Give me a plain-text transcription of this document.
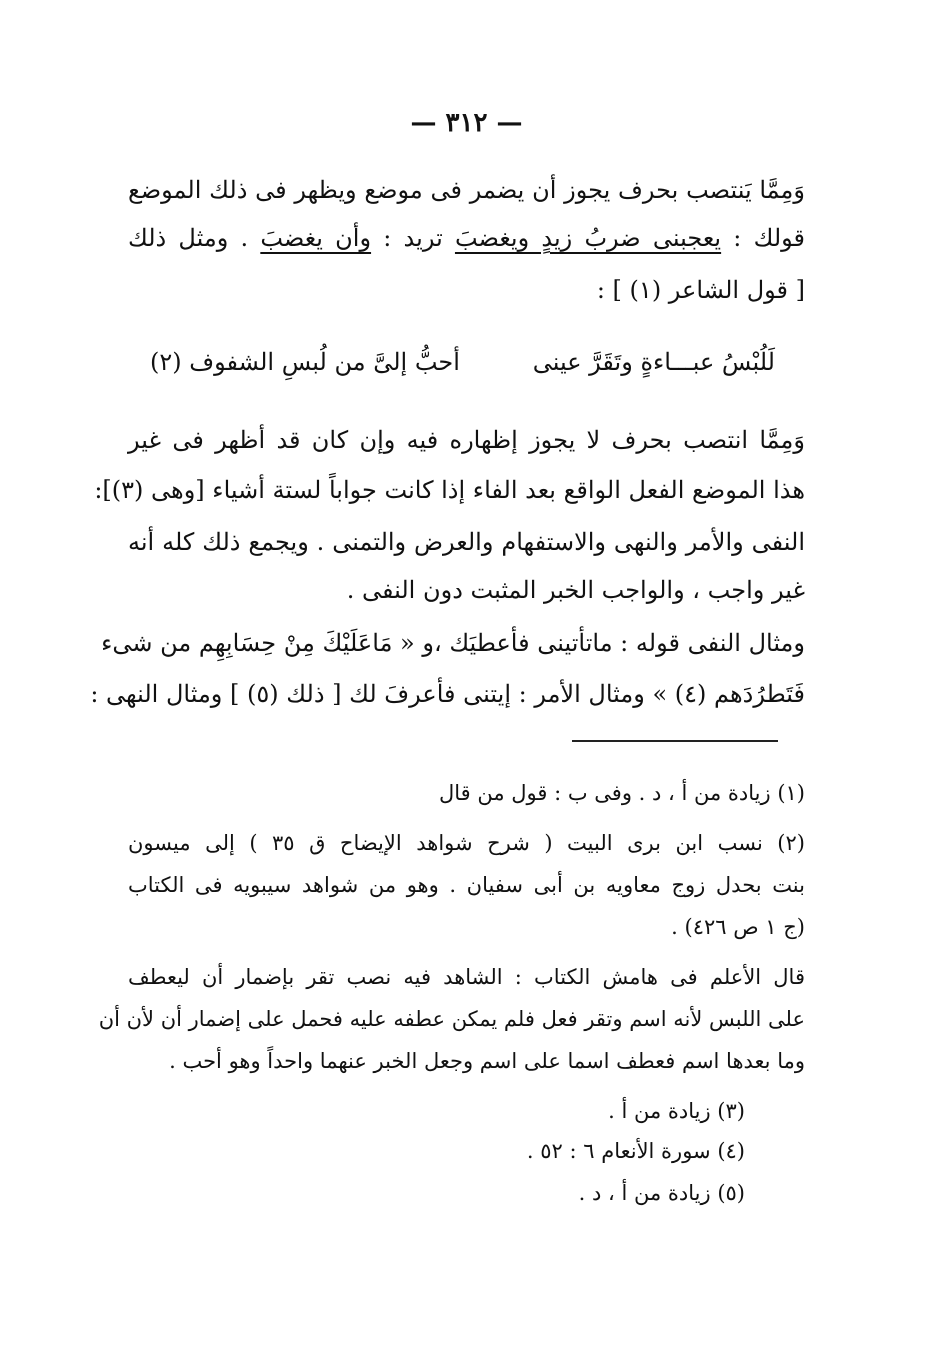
— ٣١٢ —
وَمِمَّا يَنتصب بحرف يجوز أن يضمر فى موضع ويظهر فى ذلك الموضع
قولك : يعجبنى ضربُ زيدٍ ويغضبَ تريد : وأن يغضبَ . ومثل ذلك
[ قول الشاعر (١) ] :
لَلُبْسُ عبـــاءةٍ وتَقَرَّ عينى
أحبُّ إلىَّ من لُبسِ الشفوف (٢)
وَمِمَّا انتصب بحرف لا يجوز إظهاره فيه وإن كان قد أظهر فى غير
هذا الموضع الفعل الواقع بعد الفاء إذا كانت جواباً لستة أشياء [وهى (٣)]:
النفى والأمر والنهى والاستفهام والعرض والتمنى . ويجمع ذلك كله أنه
غير واجب ، والواجب الخبر المثبت دون النفى .
ومثال النفى قوله : ماتأتينى فأعطيَك ،و « مَاعَلَيْكَ مِنْ حِسَابِهِم من شىء
فَتَطرُدَهم (٤) » ومثال الأمر : إيتنى فأعرفَ لك [ ذلك (٥) ] ومثال النهى :
(١) زيادة من أ ، د . وفى ب : قول من قال
(٢) نسب ابن برى البيت ( شرح شواهد الإيضاح ق ٣٥ ) إلى ميسون
بنت بحدل زوج معاويه بن أبى سفيان . وهو من شواهد سيبويه فى الكتاب
(ج ١ ص ٤٢٦) .
قال الأعلم فى هامش الكتاب : الشاهد فيه نصب تقر بإضمار أن ليعطف
على اللبس لأنه اسم وتقر فعل فلم يمكن عطفه عليه فحمل على إضمار أن لأن أن
وما بعدها اسم فعطف اسما على اسم وجعل الخبر عنهما واحداً وهو أحب .
(٣) زيادة من أ .
(٤) سورة الأنعام ٦ : ٥٢ .
(٥) زيادة من أ ، د .
